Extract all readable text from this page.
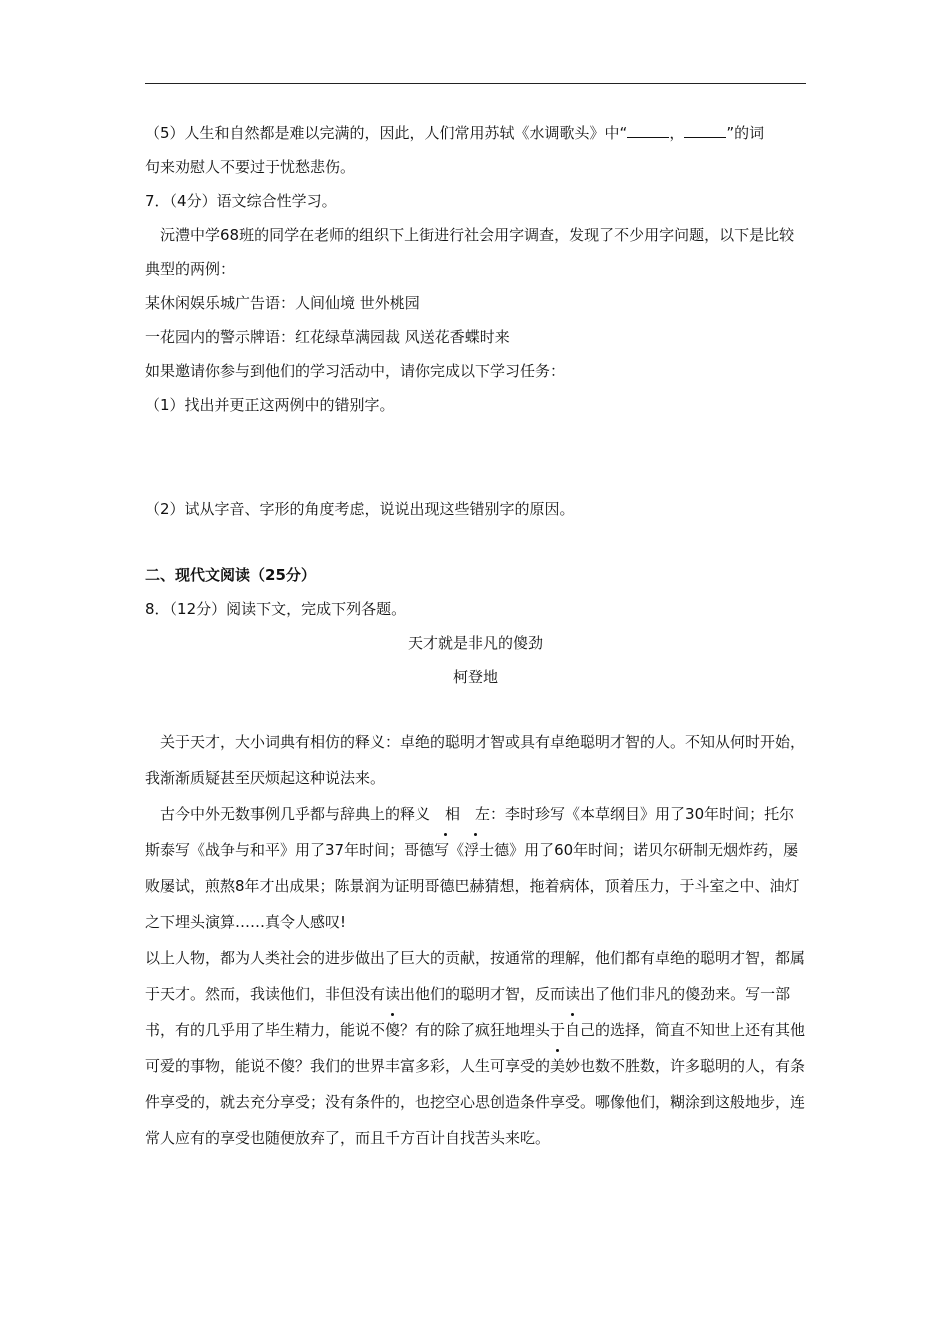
（5）人生和自然都是难以完满的，因此，人们常用苏轼《水调歌头》中“	，	”的词

句来劝慰人不要过于忧愁悲伤。

7．（4分）语文综合性学习。

沅澧中学68班的同学在老师的组织下上街进行社会用字调查，发现了不少用字问题，以下是比较典型的两例：

某休闲娱乐城广告语：人间仙境 世外桃园

一花园内的警示牌语：红花绿草满园裁 风送花香蝶时来

如果邀请你参与到他们的学习活动中，请你完成以下学习任务：

（1）找出并更正这两例中的错别字。

（2）试从字音、字形的角度考虑，说说出现这些错别字的原因。

二、现代文阅读（25分）

8．（12分）阅读下文，完成下列各题。

天才就是非凡的傻劲

柯登地

关于天才，大小词典有相仿的释义：卓绝的聪明才智或具有卓绝聪明才智的人。不知从何时开始，我渐渐质疑甚至厌烦起这种说法来。

古今中外无数事例几乎都与辞典上的释义 相 左：李时珍写《本草纲目》用了30年时间；托尔斯泰写《战争与和平》用了37年时间；哥德写《浮士德》用了60年时间；诺贝尔研制无烟炸药，屡败屡试，煎熬8年才出成果；陈景润为证明哥德巴赫猜想，拖着病体，顶着压力，于斗室之中、油灯之下埋头演算……真令人感叹!

以上人物，都为人类社会的进步做出了巨大的贡献，按通常的理解，他们都有卓绝的聪明才智，都属于天才。然而，我读他们，非但没有读出他们的聪明才智，反而读出了他们非凡的傻劲来。写一部书，有的几乎用了毕生精力，能说不傻？有的除了疯狂地埋头于自己的选择，简直不知世上还有其他可爱的事物，能说不傻？我们的世界丰富多彩，人生可享受的美妙也数不胜数，许多聪明的人，有条件享受的，就去充分享受；没有条件的，也挖空心思创造条件享受。哪像他们，糊涂到这般地步，连常人应有的享受也随便放弃了，而且千方百计自找苦头来吃。
